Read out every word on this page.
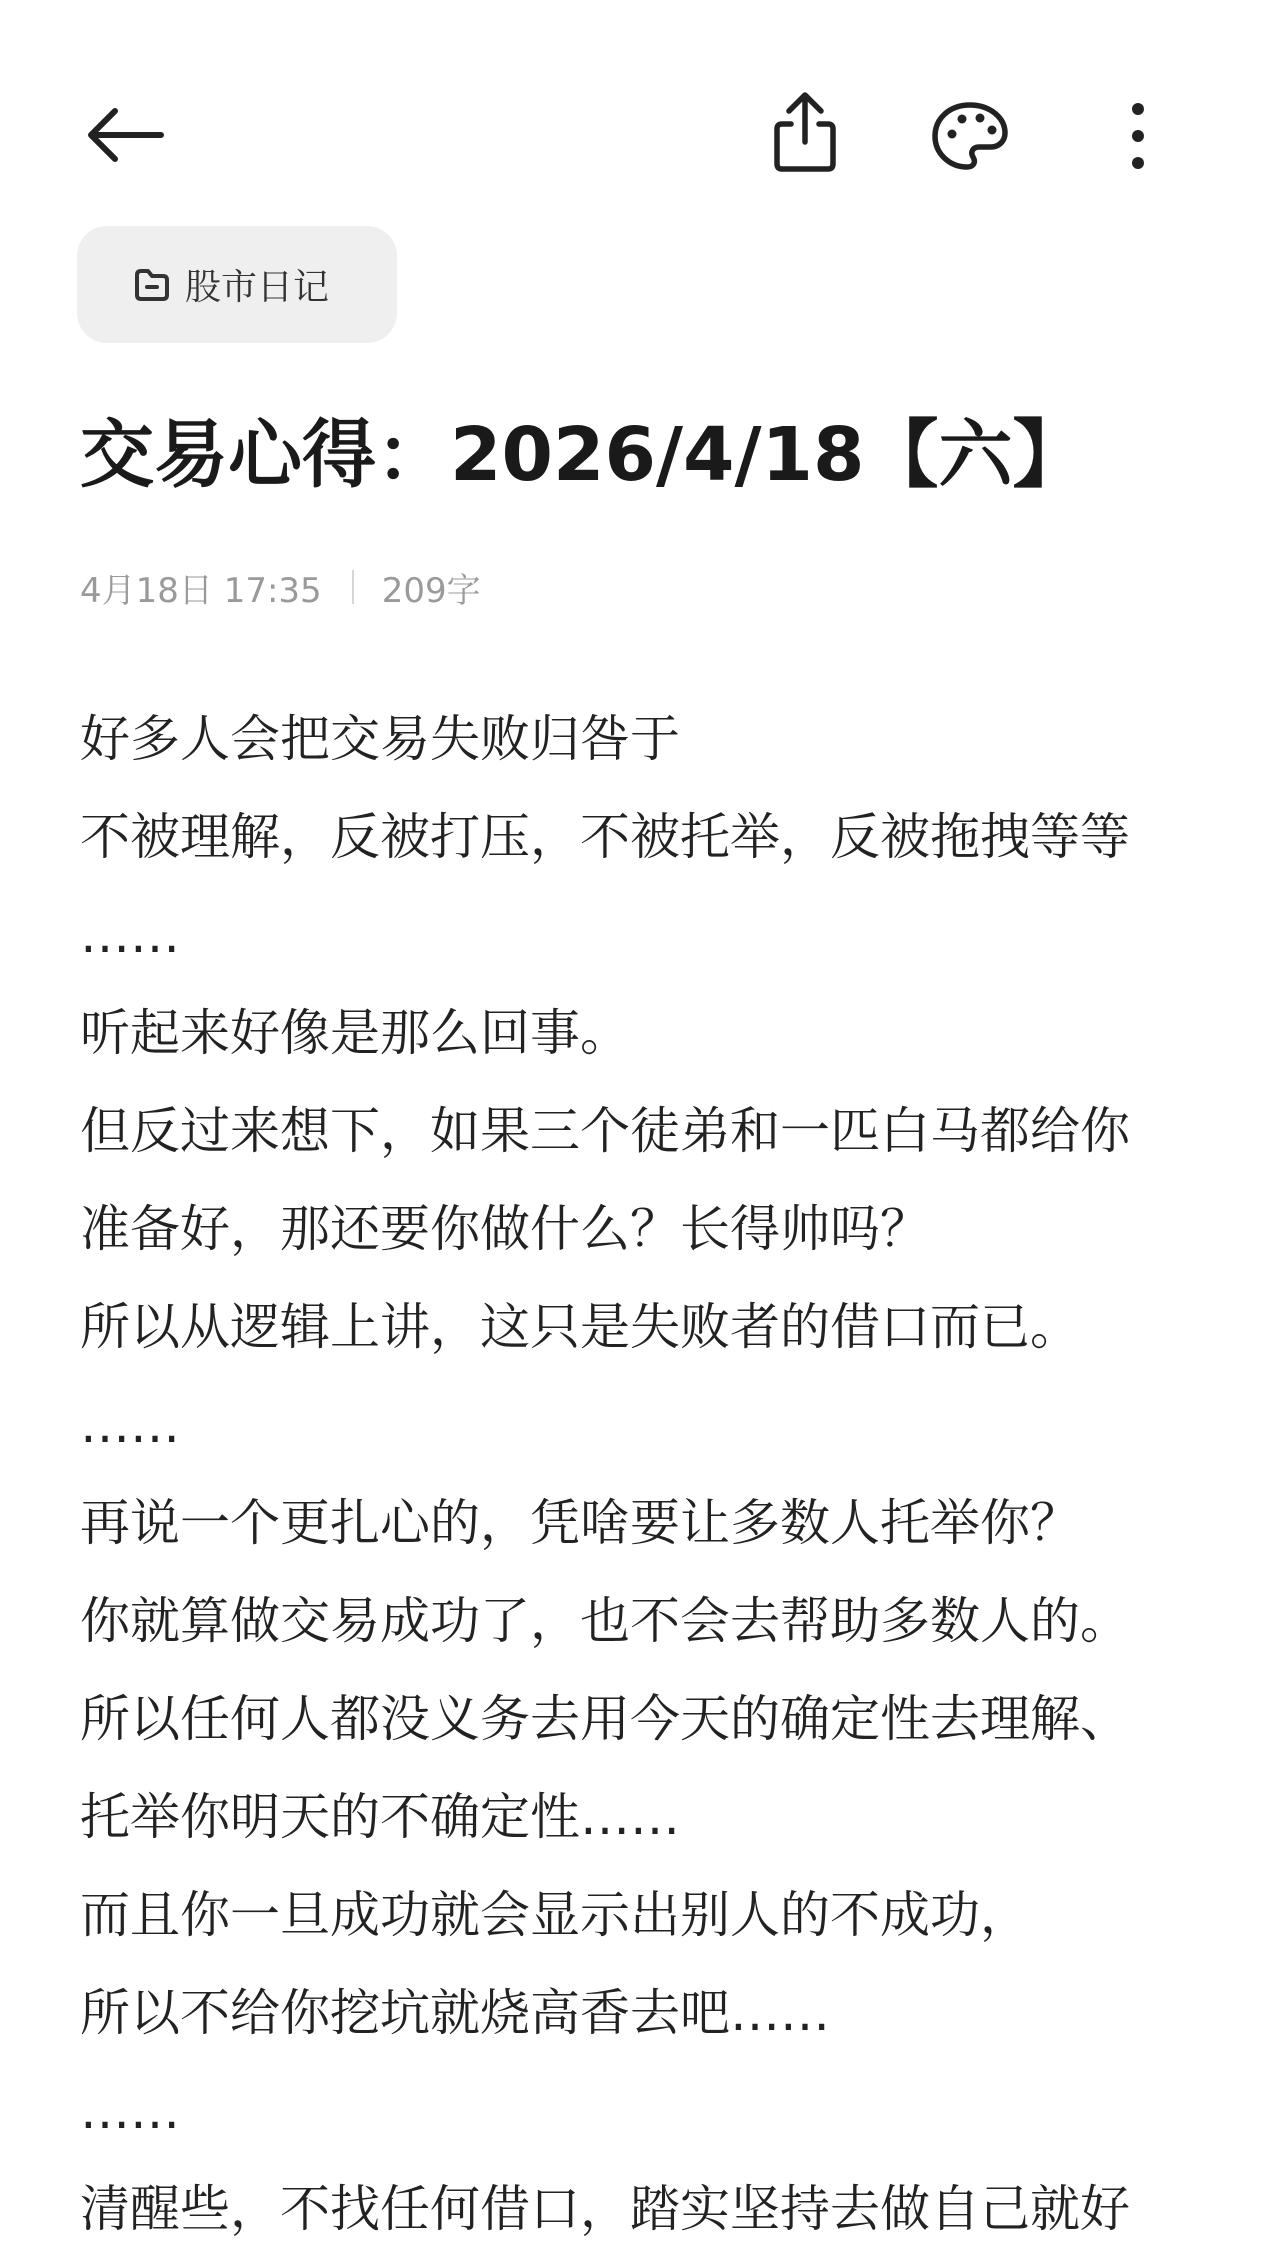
股市日记
交易心得：2026/4/18【六】
4月18日 17:35 209字
好多人会把交易失败归咎于
不被理解，反被打压，不被托举，反被拖拽等等
……
听起来好像是那么回事。
但反过来想下，如果三个徒弟和一匹白马都给你
准备好，那还要你做什么？长得帅吗？
所以从逻辑上讲，这只是失败者的借口而已。
……
再说一个更扎心的，凭啥要让多数人托举你？
你就算做交易成功了，也不会去帮助多数人的。
所以任何人都没义务去用今天的确定性去理解、
托举你明天的不确定性……
而且你一旦成功就会显示出别人的不成功，
所以不给你挖坑就烧高香去吧……
……
清醒些，不找任何借口，踏实坚持去做自己就好
